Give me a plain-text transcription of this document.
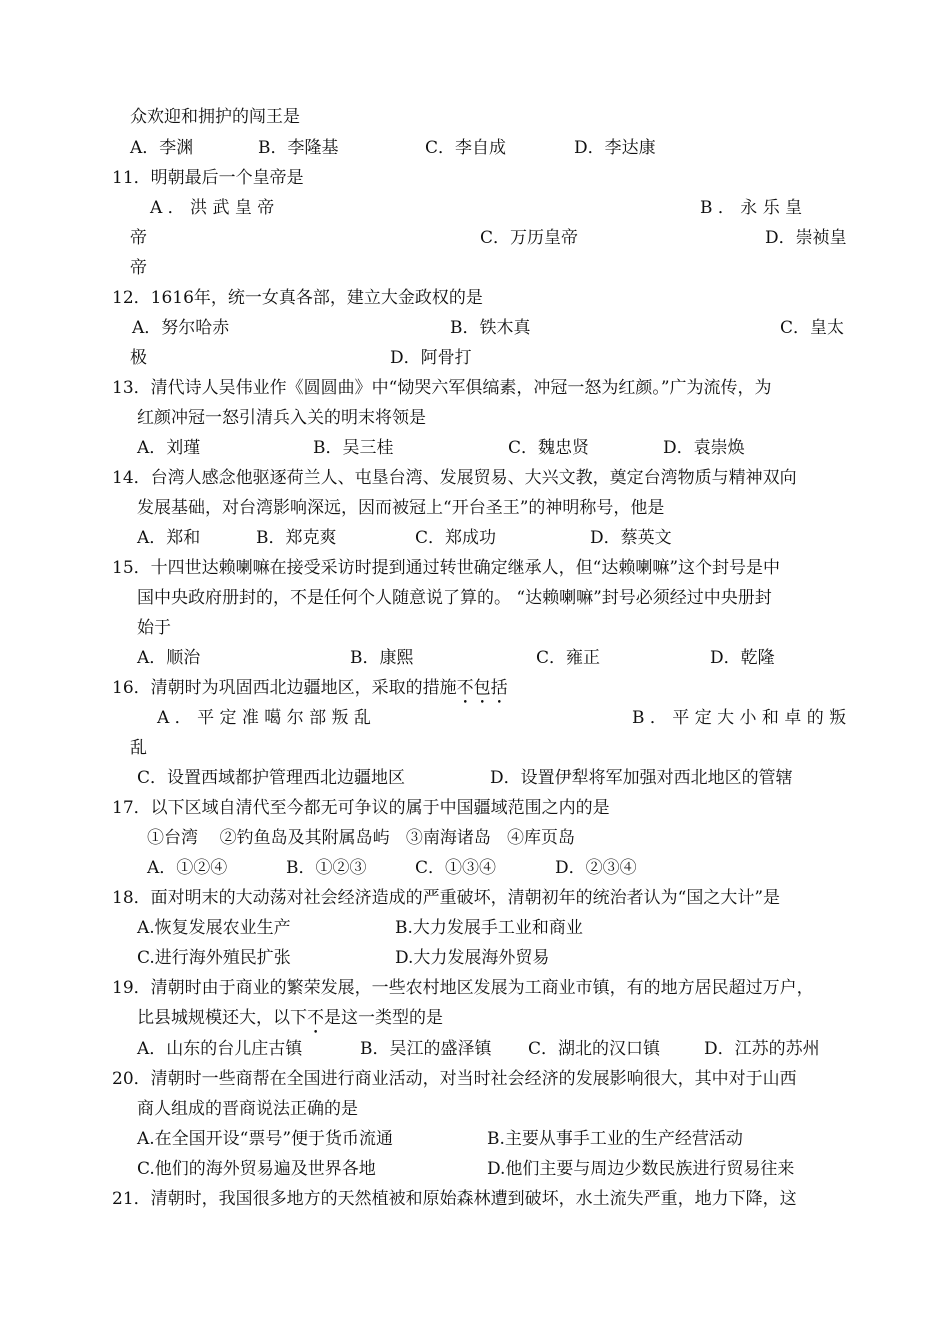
众欢迎和拥护的闯王是
A．李渊	B．李隆基	C．李自成	D．李达康
11．明朝最后一个皇帝是
A ． 洪 武 皇 帝	B ． 永 乐 皇
帝	C．万历皇帝	D．崇祯皇
帝
12．1616年，统一女真各部，建立大金政权的是
A．努尔哈赤	B．铁木真	C．皇太
极	D．阿骨打
13．清代诗人吴伟业作《圆圆曲》中“恸哭六军俱缟素，冲冠一怒为红颜。”广为流传，为
红颜冲冠一怒引清兵入关的明末将领是
A．刘瑾	B．吴三桂	C．魏忠贤	D．袁崇焕
14．台湾人感念他驱逐荷兰人、屯垦台湾、发展贸易、大兴文教，奠定台湾物质与精神双向
发展基础，对台湾影响深远，因而被冠上“开台圣王”的神明称号，他是
A．郑和	B．郑克爽	C．郑成功	D．蔡英文
15．十四世达赖喇嘛在接受采访时提到通过转世确定继承人，但“达赖喇嘛”这个封号是中
国中央政府册封的，不是任何个人随意说了算的。 “达赖喇嘛”封号必须经过中央册封
始于
A．顺治	B．康熙	C．雍正	D．乾隆
16．清朝时为巩固西北边疆地区，采取的措施不包括
A ． 平 定 准 噶 尔 部 叛 乱	B ． 平 定 大 小 和 卓 的 叛
乱
C．设置西域都护管理西北边疆地区	D．设置伊犁将军加强对西北地区的管辖
17．以下区域自清代至今都无可争议的属于中国疆域范围之内的是
①台湾    ②钓鱼岛及其附属岛屿   ③南海诸岛   ④库页岛
A．①②④	B．①②③	C．①③④	D．②③④
18．面对明末的大动荡对社会经济造成的严重破坏，清朝初年的统治者认为“国之大计”是
A.恢复发展农业生产	B.大力发展手工业和商业
C.进行海外殖民扩张	D.大力发展海外贸易
19．清朝时由于商业的繁荣发展，一些农村地区发展为工商业市镇，有的地方居民超过万户，
比县城规模还大，以下不是这一类型的是
A．山东的台儿庄古镇	B．吴江的盛泽镇 C．湖北的汉口镇	D．江苏的苏州
20．清朝时一些商帮在全国进行商业活动，对当时社会经济的发展影响很大，其中对于山西
商人组成的晋商说法正确的是
A.在全国开设“票号”便于货币流通	B.主要从事手工业的生产经营活动
C.他们的海外贸易遍及世界各地	D.他们主要与周边少数民族进行贸易往来
21．清朝时，我国很多地方的天然植被和原始森林遭到破坏，水土流失严重，地力下降，这
